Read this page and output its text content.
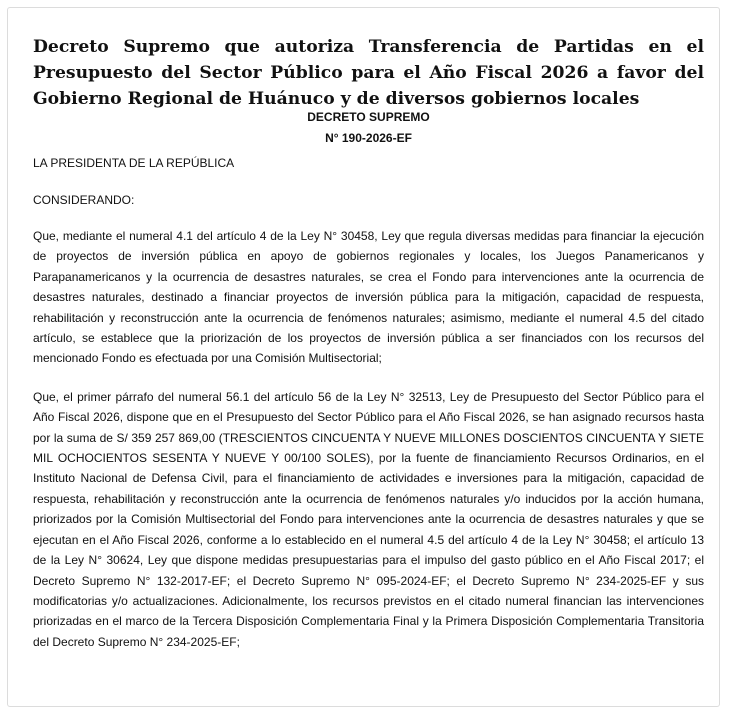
Decreto Supremo que autoriza Transferencia de Partidas en el Presupuesto del Sector Público para el Año Fiscal 2026 a favor del Gobierno Regional de Huánuco y de diversos gobiernos locales

DECRETO SUPREMO

N° 190-2026-EF

LA PRESIDENTA DE LA REPÚBLICA

CONSIDERANDO:

Que, mediante el numeral 4.1 del artículo 4 de la Ley N° 30458, Ley que regula diversas medidas para financiar la ejecución de proyectos de inversión pública en apoyo de gobiernos regionales y locales, los Juegos Panamericanos y Parapanamericanos y la ocurrencia de desastres naturales, se crea el Fondo para intervenciones ante la ocurrencia de desastres naturales, destinado a financiar proyectos de inversión pública para la mitigación, capacidad de respuesta, rehabilitación y reconstrucción ante la ocurrencia de fenómenos naturales; asimismo, mediante el numeral 4.5 del citado artículo, se establece que la priorización de los proyectos de inversión pública a ser financiados con los recursos del mencionado Fondo es efectuada por una Comisión Multisectorial;

Que, el primer párrafo del numeral 56.1 del artículo 56 de la Ley N° 32513, Ley de Presupuesto del Sector Público para el Año Fiscal 2026, dispone que en el Presupuesto del Sector Público para el Año Fiscal 2026, se han asignado recursos hasta por la suma de S/ 359 257 869,00 (TRESCIENTOS CINCUENTA Y NUEVE MILLONES DOSCIENTOS CINCUENTA Y SIETE MIL OCHOCIENTOS SESENTA Y NUEVE Y 00/100 SOLES), por la fuente de financiamiento Recursos Ordinarios, en el Instituto Nacional de Defensa Civil, para el financiamiento de actividades e inversiones para la mitigación, capacidad de respuesta, rehabilitación y reconstrucción ante la ocurrencia de fenómenos naturales y/o inducidos por la acción humana, priorizados por la Comisión Multisectorial del Fondo para intervenciones ante la ocurrencia de desastres naturales y que se ejecutan en el Año Fiscal 2026, conforme a lo establecido en el numeral 4.5 del artículo 4 de la Ley N° 30458; el artículo 13 de la Ley N° 30624, Ley que dispone medidas presupuestarias para el impulso del gasto público en el Año Fiscal 2017; el Decreto Supremo N° 132-2017-EF; el Decreto Supremo N° 095-2024-EF; el Decreto Supremo N° 234-2025-EF y sus modificatorias y/o actualizaciones. Adicionalmente, los recursos previstos en el citado numeral financian las intervenciones priorizadas en el marco de la Tercera Disposición Complementaria Final y la Primera Disposición Complementaria Transitoria del Decreto Supremo N° 234-2025-EF;
